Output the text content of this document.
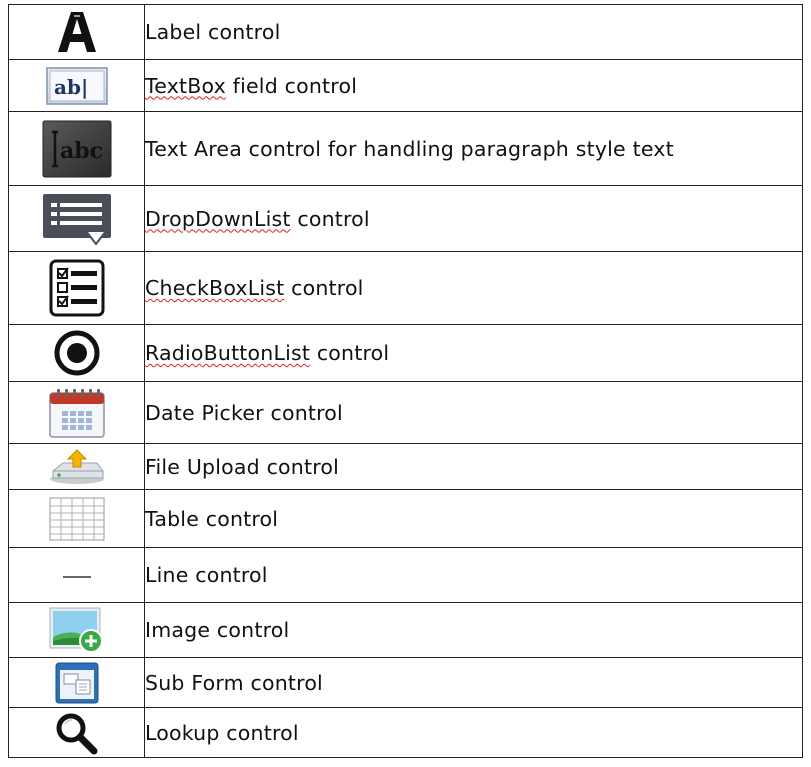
	Label control

ab|	TextBox field control

abc	Text Area control for handling paragraph style text

	DropDownList control

	CheckBoxList control

	RadioButtonList control

	Date Picker control

	File Upload control

	Table control

	Line control

	Image control

	Sub Form control

	Lookup control
